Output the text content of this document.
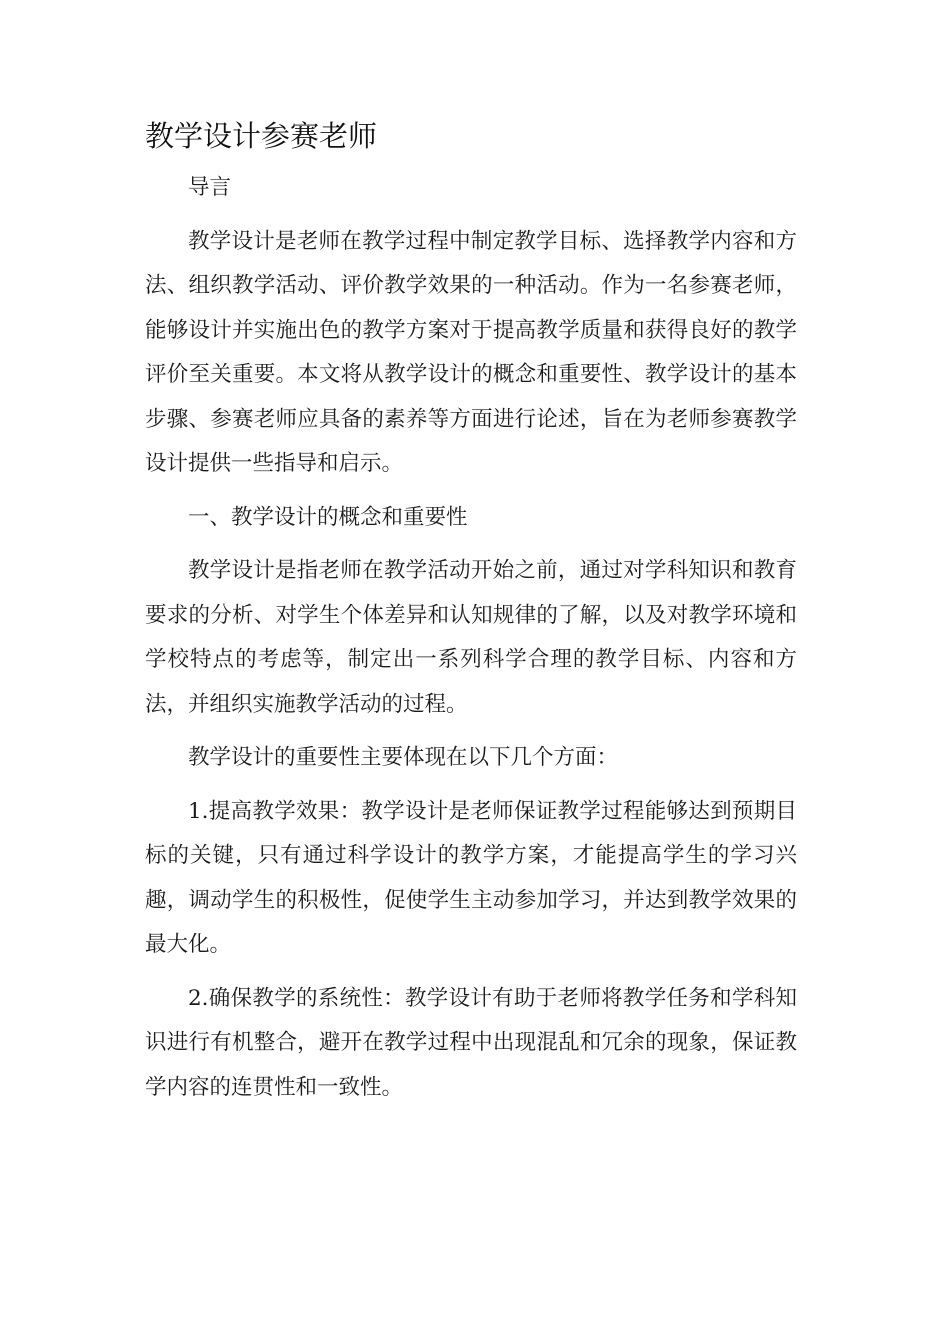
教学设计参赛老师

导言

教学设计是老师在教学过程中制定教学目标、选择教学内容和方法、组织教学活动、评价教学效果的一种活动。作为一名参赛老师，能够设计并实施出色的教学方案对于提高教学质量和获得良好的教学评价至关重要。本文将从教学设计的概念和重要性、教学设计的基本步骤、参赛老师应具备的素养等方面进行论述，旨在为老师参赛教学设计提供一些指导和启示。

一、教学设计的概念和重要性

教学设计是指老师在教学活动开始之前，通过对学科知识和教育要求的分析、对学生个体差异和认知规律的了解，以及对教学环境和学校特点的考虑等，制定出一系列科学合理的教学目标、内容和方法，并组织实施教学活动的过程。

教学设计的重要性主要体现在以下几个方面：

1.提高教学效果：教学设计是老师保证教学过程能够达到预期目标的关键，只有通过科学设计的教学方案，才能提高学生的学习兴趣，调动学生的积极性，促使学生主动参加学习，并达到教学效果的最大化。

2.确保教学的系统性：教学设计有助于老师将教学任务和学科知识进行有机整合，避开在教学过程中出现混乱和冗余的现象，保证教学内容的连贯性和一致性。
